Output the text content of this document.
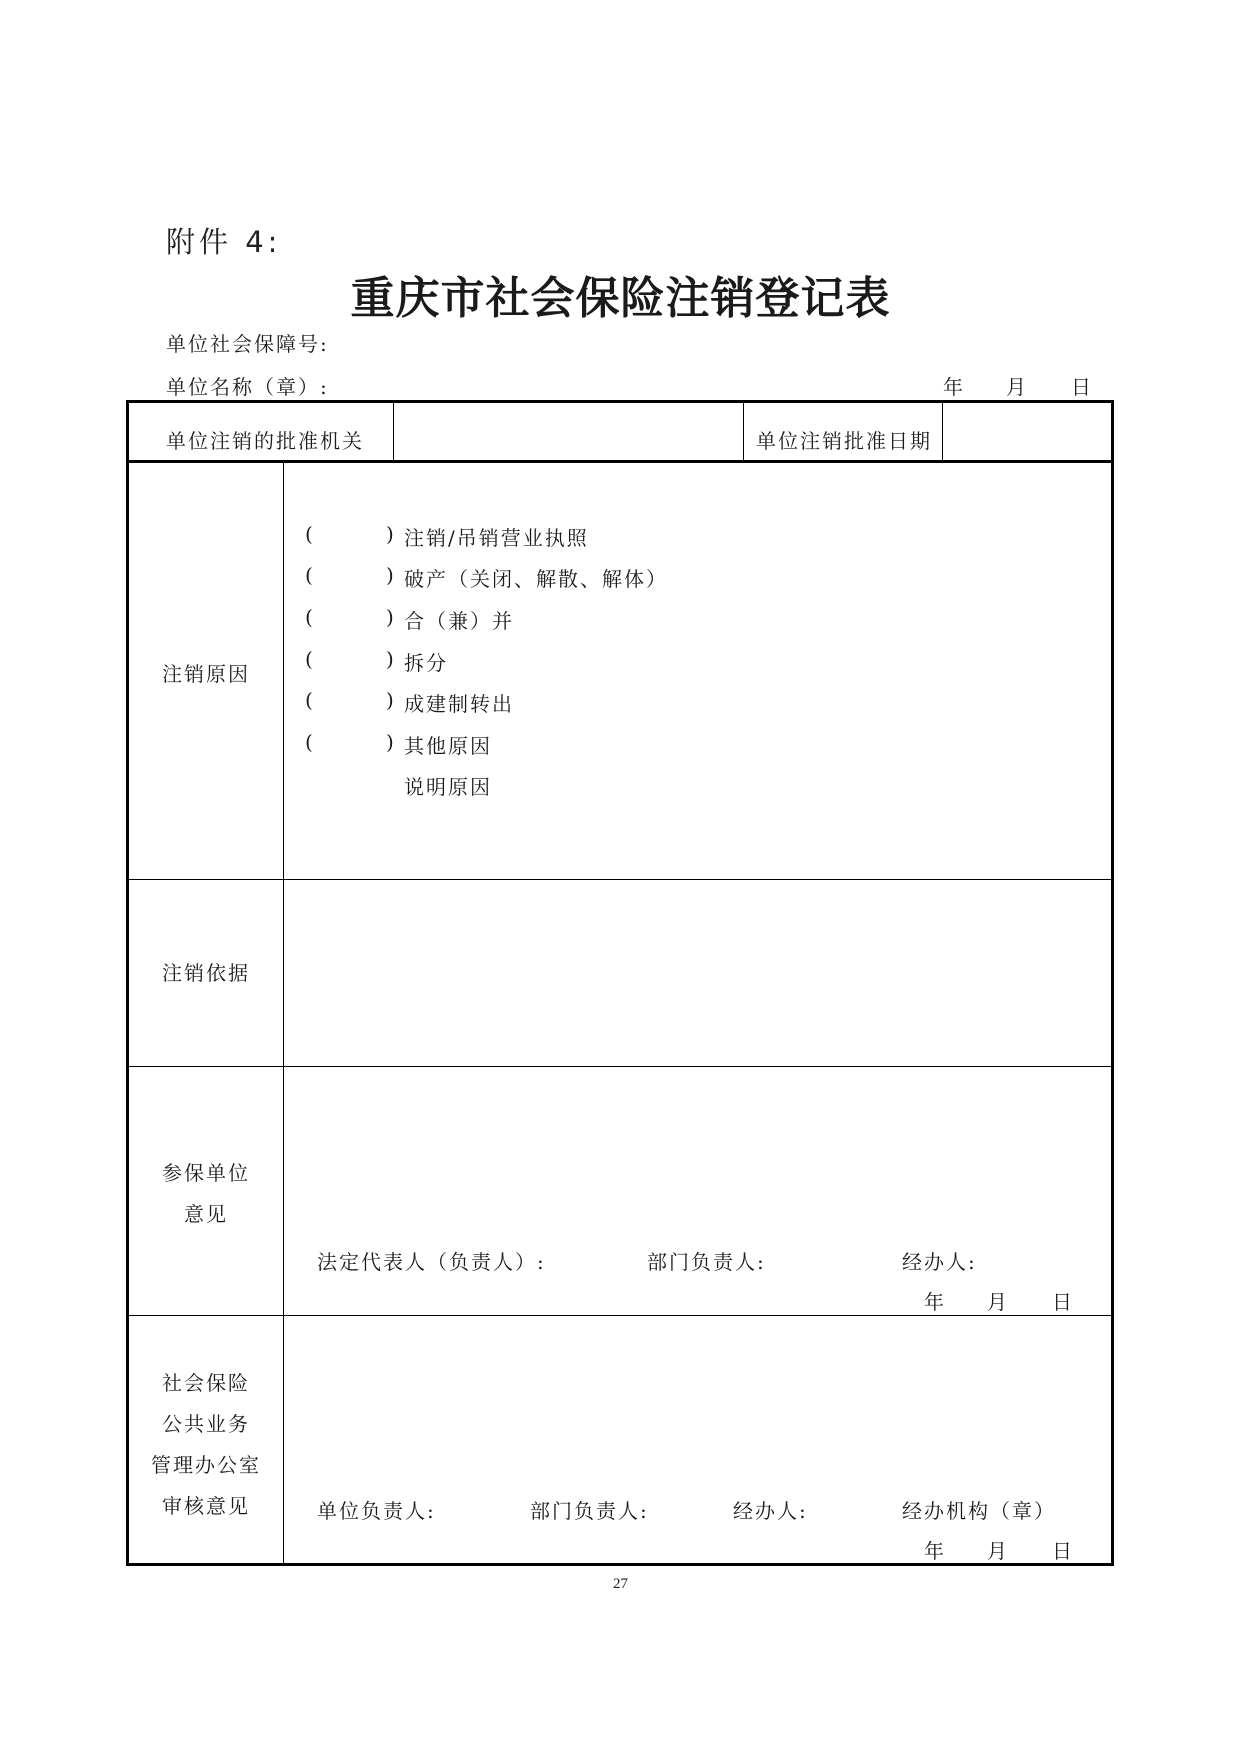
附件 4:
重庆市社会保险注销登记表
单位社会保障号:
单位名称（章）:	年 月 日
单位注销的批准机关	单位注销批准日期
注销原因
(	) 注销/吊销营业执照
(	) 破产（关闭、解散、解体）
(	) 合（兼）并
(	) 拆分
(	) 成建制转出
(	) 其他原因
说明原因
注销依据
参保单位
意见
法定代表人（负责人）:	部门负责人:	经办人:
年 月 日
社会保险
公共业务
管理办公室
审核意见	单位负责人:	部门负责人:	经办人:	经办机构（章）
年 月 日
27
